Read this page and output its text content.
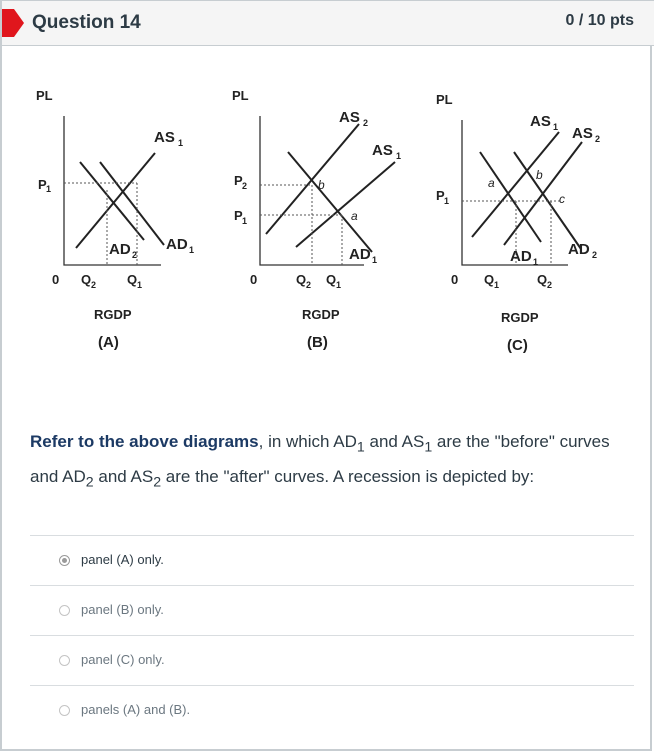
Question 14	0 / 10 pts
PL
P 1
AS 1
AD 2
AD 1
0 Q 2 Q 1
RGDP
(A)
PL
P 2
P 1
b
a
AS 2
AS 1
AD 1
0	Q 2 Q 1
RGDP
(B)
PL
P 1
a
b
c
AS 1 AS 2
AD 1
AD 2
0 Q 1	Q 2
RGDP
(C)
Refer to the above diagrams, in which $AD_1$ and $AS_1$ are the "before" curves and $AD_2$ and $AS_2$ are the "after" curves. A recession is depicted by:
panel (A) only.
panel (B) only.
panel (C) only.
panels (A) and (B).
